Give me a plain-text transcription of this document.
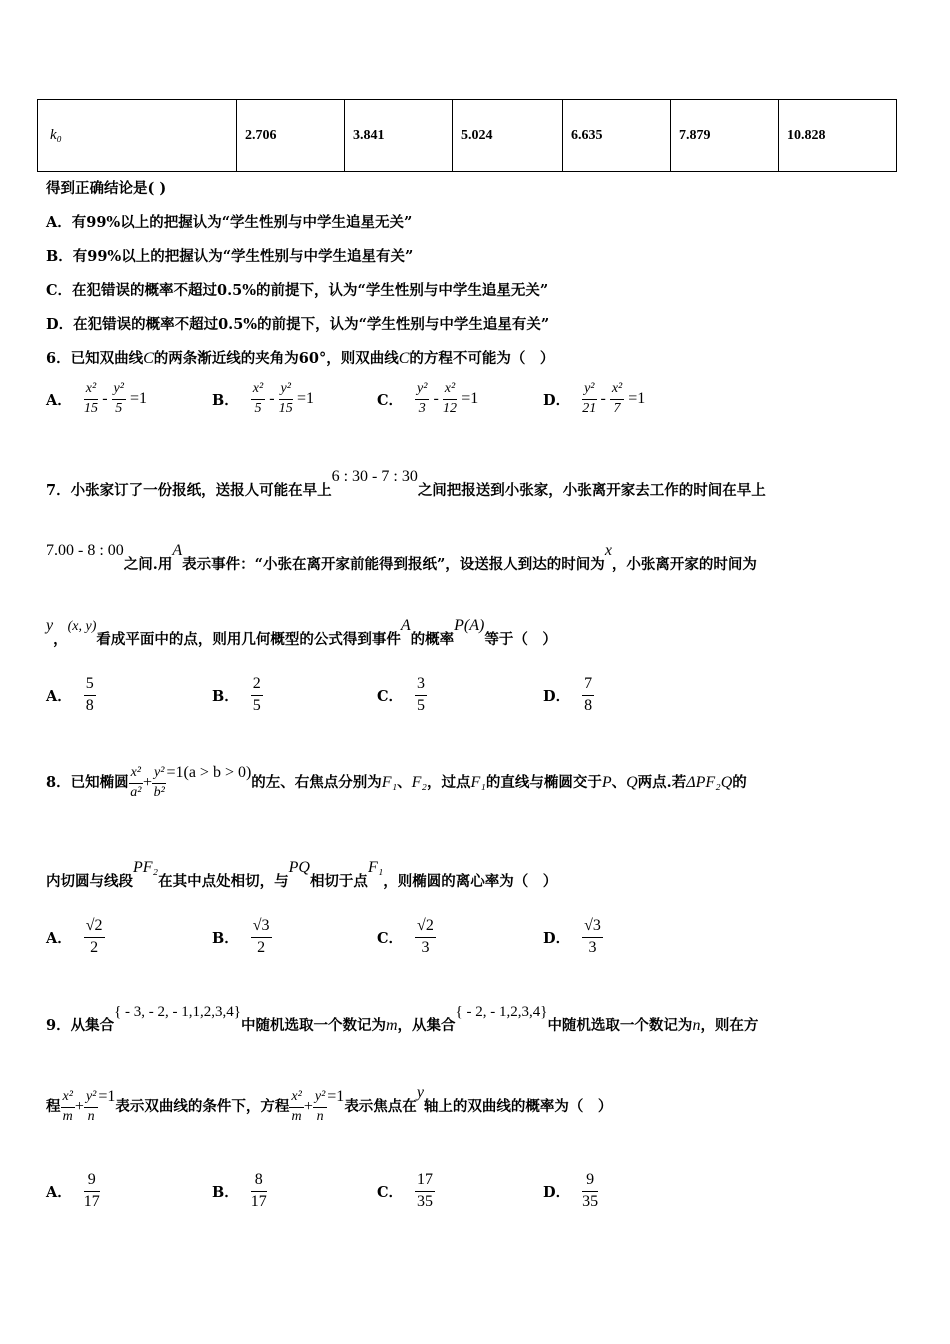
k₀	2.706	3.841	5.024	6.635	7.879	10.828
得到正确结论是( )
A．有99%以上的把握认为“学生性别与中学生追星无关”
B．有99%以上的把握认为“学生性别与中学生追星有关”
C．在犯错误的概率不超过0.5%的前提下，认为“学生性别与中学生追星无关”
D．在犯错误的概率不超过0.5%的前提下，认为“学生性别与中学生追星有关”
6．已知双曲线C的两条渐近线的夹角为60°，则双曲线C的方程不可能为（　）
A． $\frac{\text{x²}}{15} - \frac{\text{y²}}{5} =1$	B． $\frac{\text{x²}}{5} - \frac{\text{y²}}{15} =1$	C． $\frac{\text{y²}}{3} - \frac{\text{x²}}{12} =1$	D． $\frac{\text{y²}}{21} - \frac{\text{x²}}{7} =1$
7．小张家订了一份报纸，送报人可能在早上6 : 30 - 7 : 30之间把报送到小张家，小张离开家去工作的时间在早上
7.00 - 8 : 00之间.用A表示事件：“小张在离开家前能得到报纸”，设送报人到达的时间为x，小张离开家的时间为
y，(x, y)看成平面中的点，则用几何概型的公式得到事件A的概率P(A)等于（　）
A． $\frac{5}{8}$	B． $\frac{2}{5}$	C． $\frac{3}{5}$	D． $\frac{7}{8}$
8．已知椭圆 $\frac{\text{x²}}{\text{a²}} + \frac{\text{y²}}{\text{b²}} =1(a > b > 0)$的左、右焦点分别为F₁、F₂，过点F₁的直线与椭圆交于P、Q两点.若ΔPF₂Q的
内切圆与线段PF₂在其中点处相切，与PQ相切于点F₁，则椭圆的离心率为（　）
A． $\frac{√2}{2}$	B． $\frac{√3}{2}$	C． $\frac{√2}{3}$	D． $\frac{√3}{3}$
9．从集合{ - 3, - 2, - 1,1,2,3,4}中随机选取一个数记为m，从集合{ - 2, - 1,2,3,4}中随机选取一个数记为n，则在方
程 $\frac{\text{x²}}{m} + \frac{\text{y²}}{n} =1$表示双曲线的条件下，方程 $\frac{\text{x²}}{m} + \frac{\text{y²}}{n} =1$表示焦点在y轴上的双曲线的概率为（　）
A． $\frac{9}{17}$	B． $\frac{8}{17}$	C． $\frac{17}{35}$	D． $\frac{9}{35}$
